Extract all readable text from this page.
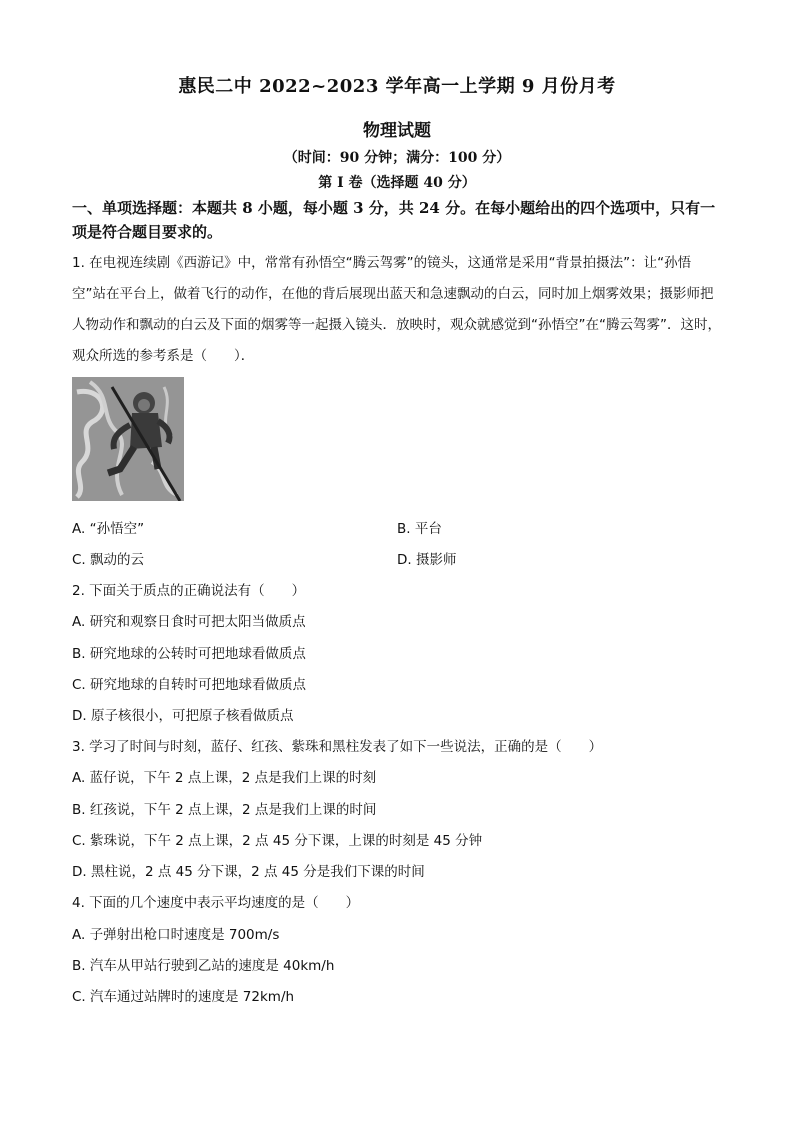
惠民二中 2022~2023 学年高一上学期 9 月份月考
物理试题
（时间：90 分钟；满分：100 分）
第 Ⅰ 卷（选择题 40 分）
一、单项选择题：本题共 8 小题，每小题 3 分，共 24 分。在每小题给出的四个选项中，只有一项是符合题目要求的。
1. 在电视连续剧《西游记》中，常常有孙悟空“腾云驾雾”的镜头，这通常是采用“背景拍摄法”：让“孙悟空”站在平台上，做着飞行的动作，在他的背后展现出蓝天和急速飘动的白云，同时加上烟雾效果；摄影师把人物动作和飘动的白云及下面的烟雾等一起摄入镜头．放映时，观众就感觉到“孙悟空”在“腾云驾雾”．这时，观众所选的参考系是（　　）．
A. “孙悟空”	B. 平台
C. 飘动的云	D. 摄影师
2. 下面关于质点的正确说法有（　　）
A. 研究和观察日食时可把太阳当做质点
B. 研究地球的公转时可把地球看做质点
C. 研究地球的自转时可把地球看做质点
D. 原子核很小，可把原子核看做质点
3. 学习了时间与时刻，蓝仔、红孩、紫珠和黑柱发表了如下一些说法，正确的是（　　）
A. 蓝仔说，下午 2 点上课，2 点是我们上课的时刻
B. 红孩说，下午 2 点上课，2 点是我们上课的时间
C. 紫珠说，下午 2 点上课，2 点 45 分下课，上课的时刻是 45 分钟
D. 黑柱说，2 点 45 分下课，2 点 45 分是我们下课的时间
4. 下面的几个速度中表示平均速度的是（　　）
A. 子弹射出枪口时速度是 700m/s
B. 汽车从甲站行驶到乙站的速度是 40km/h
C. 汽车通过站牌时的速度是 72km/h
